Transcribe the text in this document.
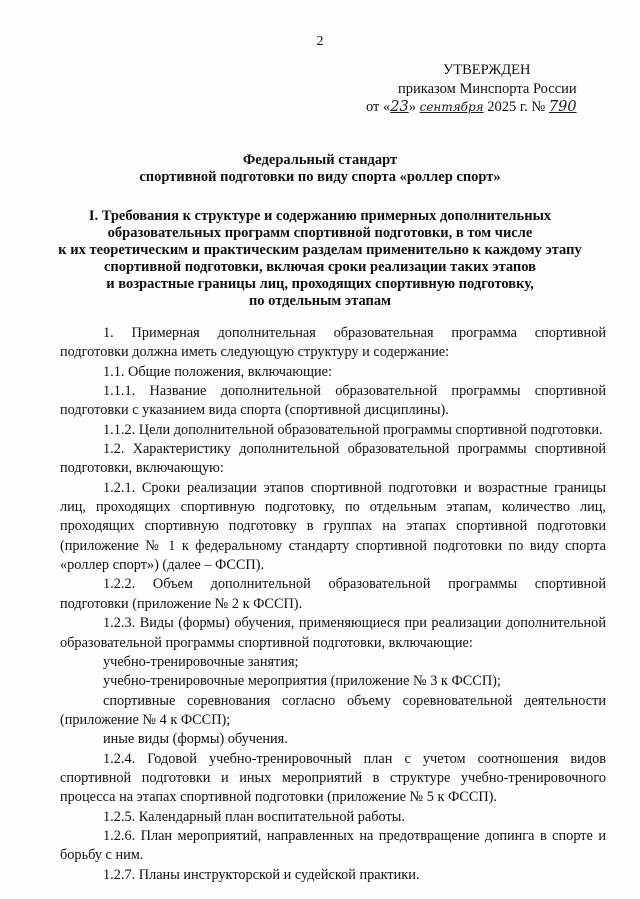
2
УТВЕРЖДЕН
приказом Минспорта России
от «23» сентября 2025 г. № 790
Федеральный стандарт
спортивной подготовки по виду спорта «роллер спорт»
I. Требования к структуре и содержанию примерных дополнительных
образовательных программ спортивной подготовки, в том числе
к их теоретическим и практическим разделам применительно к каждому этапу
спортивной подготовки, включая сроки реализации таких этапов
и возрастные границы лиц, проходящих спортивную подготовку,
по отдельным этапам

1. Примерная дополнительная образовательная программа спортивной подготовки должна иметь следующую структуру и содержание:

1.1. Общие положения, включающие:

1.1.1. Название дополнительной образовательной программы спортивной подготовки с указанием вида спорта (спортивной дисциплины).

1.1.2. Цели дополнительной образовательной программы спортивной подготовки.

1.2. Характеристику дополнительной образовательной программы спортивной подготовки, включающую:

1.2.1. Сроки реализации этапов спортивной подготовки и возрастные границы лиц, проходящих спортивную подготовку, по отдельным этапам, количество лиц, проходящих спортивную подготовку в группах на этапах спортивной подготовки (приложение № 1 к федеральному стандарту спортивной подготовки по виду спорта «роллер спорт») (далее – ФССП).

1.2.2. Объем дополнительной образовательной программы спортивной подготовки (приложение № 2 к ФССП).

1.2.3. Виды (формы) обучения, применяющиеся при реализации дополнительной образовательной программы спортивной подготовки, включающие:

учебно-тренировочные занятия;

учебно-тренировочные мероприятия (приложение № 3 к ФССП);

спортивные соревнования согласно объему соревновательной деятельности (приложение № 4 к ФССП);

иные виды (формы) обучения.

1.2.4. Годовой учебно-тренировочный план с учетом соотношения видов спортивной подготовки и иных мероприятий в структуре учебно-тренировочного процесса на этапах спортивной подготовки (приложение № 5 к ФССП).

1.2.5. Календарный план воспитательной работы.

1.2.6. План мероприятий, направленных на предотвращение допинга в спорте и борьбу с ним.

1.2.7. Планы инструкторской и судейской практики.
